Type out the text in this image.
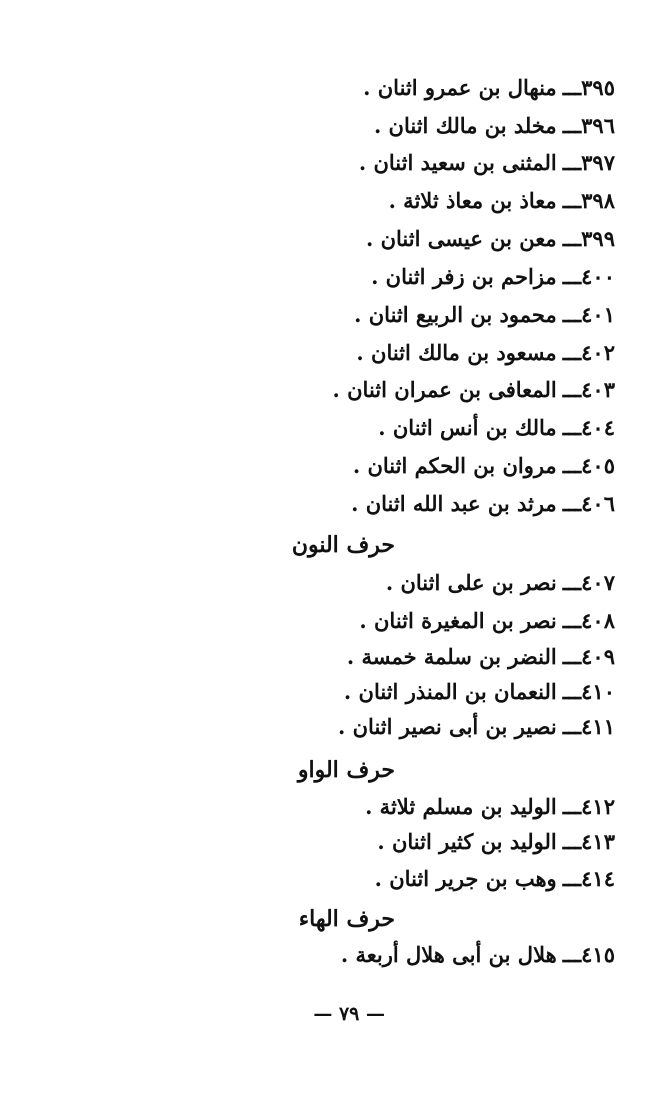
٣٩٥ـــمنهال بن عمرو اثنان .
٣٩٦ـــمخلد بن مالك اثنان .
٣٩٧ـــالمثنى بن سعيد اثنان .
٣٩٨ـــمعاذ بن معاذ ثلاثة .
٣٩٩ـــمعن بن عيسى اثنان .
٤٠٠ـــمزاحم بن زفر اثنان .
٤٠١ـــمحمود بن الربيع اثنان .
٤٠٢ـــمسعود بن مالك اثنان .
٤٠٣ـــالمعافى بن عمران اثنان .
٤٠٤ـــمالك بن أنس اثنان .
٤٠٥ـــمروان بن الحكم اثنان .
٤٠٦ـــمرثد بن عبد الله اثنان .
حرف النون
٤٠٧ـــنصر بن على اثنان .
٤٠٨ـــنصر بن المغيرة اثنان .
٤٠٩ـــالنضر بن سلمة خمسة .
٤١٠ـــالنعمان بن المنذر اثنان .
٤١١ـــنصير بن أبى نصير اثنان .
حرف الواو
٤١٢ـــالوليد بن مسلم ثلاثة .
٤١٣ـــالوليد بن كثير اثنان .
٤١٤ـــوهب بن جرير اثنان .
حرف الهاء
٤١٥ـــهلال بن أبى هلال أربعة .
— ٧٩ —
